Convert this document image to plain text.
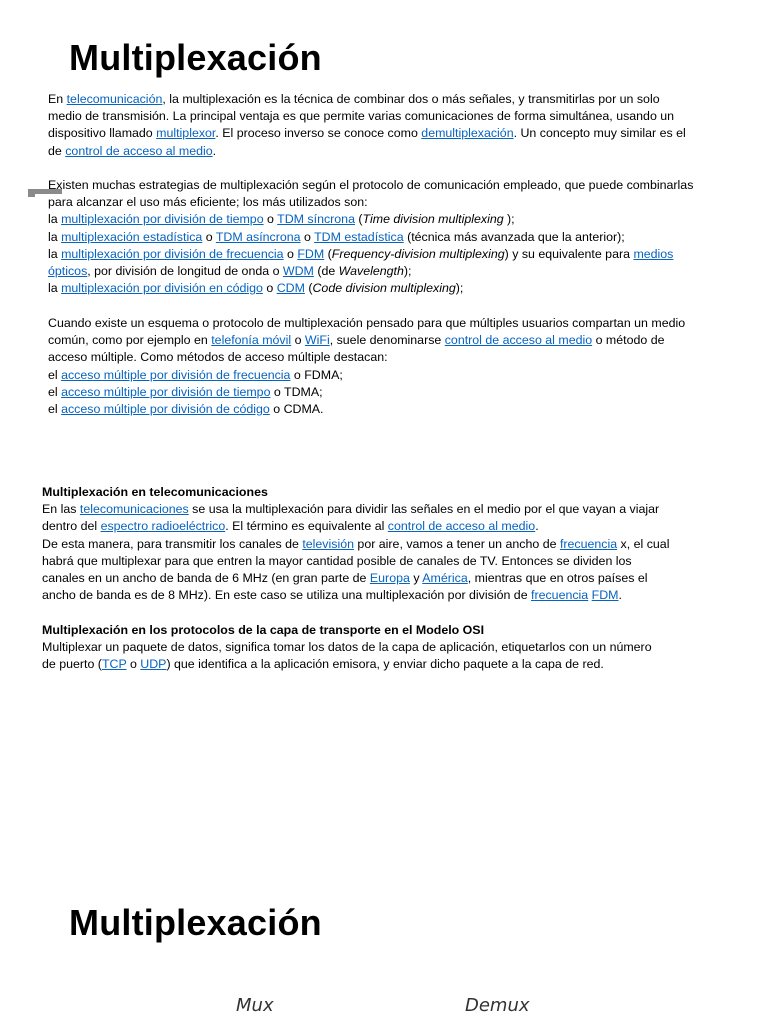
Multiplexación
En telecomunicación, la multiplexación es la técnica de combinar dos o más señales, y transmitirlas por un solo
medio de transmisión. La principal ventaja es que permite varias comunicaciones de forma simultánea, usando un
dispositivo llamado multiplexor. El proceso inverso se conoce como demultiplexación. Un concepto muy similar es el
de control de acceso al medio.
Existen muchas estrategias de multiplexación según el protocolo de comunicación empleado, que puede combinarlas
para alcanzar el uso más eficiente; los más utilizados son:
la multiplexación por división de tiempo o TDM síncrona (Time division multiplexing );
la multiplexación estadística o TDM asíncrona o TDM estadística (técnica más avanzada que la anterior);
la multiplexación por división de frecuencia o FDM (Frequency-division multiplexing) y su equivalente para medios
ópticos, por división de longitud de onda o WDM (de Wavelength);
la multiplexación por división en código o CDM (Code division multiplexing);
Cuando existe un esquema o protocolo de multiplexación pensado para que múltiples usuarios compartan un medio
común, como por ejemplo en telefonía móvil o WiFi, suele denominarse control de acceso al medio o método de
acceso múltiple. Como métodos de acceso múltiple destacan:
el acceso múltiple por división de frecuencia o FDMA;
el acceso múltiple por división de tiempo o TDMA;
el acceso múltiple por división de código o CDMA.
Multiplexación en telecomunicaciones
En las telecomunicaciones se usa la multiplexación para dividir las señales en el medio por el que vayan a viajar
dentro del espectro radioeléctrico. El término es equivalente al control de acceso al medio.
De esta manera, para transmitir los canales de televisión por aire, vamos a tener un ancho de frecuencia x, el cual
habrá que multiplexar para que entren la mayor cantidad posible de canales de TV. Entonces se dividen los
canales en un ancho de banda de 6 MHz (en gran parte de Europa y América, mientras que en otros países el
ancho de banda es de 8 MHz). En este caso se utiliza una multiplexación por división de frecuencia FDM.
Multiplexación en los protocolos de la capa de transporte en el Modelo OSI
Multiplexar un paquete de datos, significa tomar los datos de la capa de aplicación, etiquetarlos con un número
de puerto (TCP o UDP) que identifica a la aplicación emisora, y enviar dicho paquete a la capa de red.
Multiplexación
Mux	Demux
